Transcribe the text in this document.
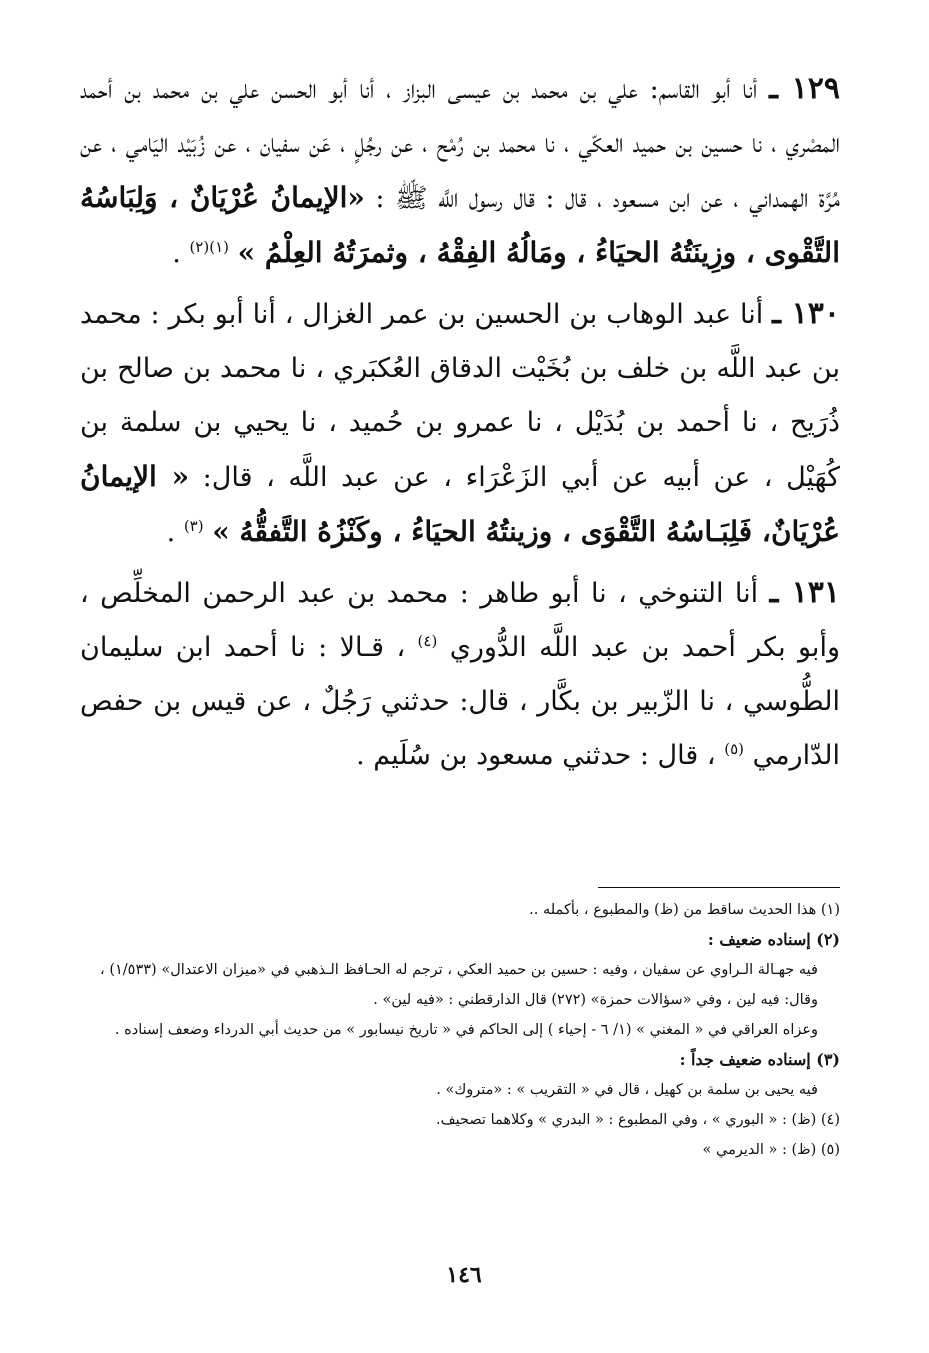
١٢٩ ـ أنا أبو القاسم: علي بن محمد بن عيسى البزاز ، أنا أبو الحسن علي بن محمد بن أحمد المصْري ، نا حسين بن حميد العكّي ، نا محمد بن رُمْح ، عن رجُلٍ ، عَن سفيان ، عن زُبَيْد اليَامي ، عن مُرَّة الهمداني ، عن ابن مسعود ، قال : قال رسول اللَّه ﷺ : «الإيمانُ عُرْيَانٌ ، وَلِبَاسُهُ التَّقْوى ، وزِينَتُهُ الحيَاءُ ، ومَالُهُ الفِقْهُ ، وثمرَتُهُ العِلْمُ » $^{(١)(٢)}$ .

١٣٠ ـ أنا عبد الوهاب بن الحسين بن عمر الغزال ، أنا أبو بكر : محمد بن عبد اللَّه بن خلف بن بُخَيْت الدقاق العُكبَري ، نا محمد بن صالح بن ذُرَيح ، نا أحمد بن بُدَيْل ، نا عمرو بن حُميد ، نا يحيي بن سلمة بن كُهَيْل ، عن أبيه عن أبي الزَعْرَاء ، عن عبد اللَّه ، قال: « الإيمانُ عُرْيَانٌ، فَلِبَـاسُهُ التَّقْوَى ، وزينتُهُ الحيَاءُ ، وكَنْزُهُ التَّفقُّهُ » $^{(٣)}$ .

١٣١ ـ أنا التنوخي ، نا أبو طاهر : محمد بن عبد الرحمن المخلِّص ، وأبو بكر أحمد بن عبد اللَّه الدُّوري $^{(٤)}$ ، قـالا : نا أحمد ابن سليمان الطُّوسي ، نا الزّبير بن بكَّار ، قال: حدثني رَجُلٌ ، عن قيس بن حفص الدّارمي $^{(٥)}$ ، قال : حدثني مسعود بن سُلَيم .

(١) هذا الحديث ساقط من (ظ) والمطبوع ، بأكمله ..

(٢) إسناده ضعيف :

فيه جهـالة الـراوي عن سفيان ، وفيه : حسين بن حميد العكي ، ترجم له الحـافظ الـذهبي في «ميزان الاعتدال» (١/٥٣٣) ، وقال: فيه لين ، وفي «سؤالات حمزة» (٢٧٢) قال الدارقطني : «فيه لين» .

وعزاه العراقي في « المغني » (١/ ٦ - إحياء ) إلى الحاكم في « تاريخ نيسابور » من حديث أبي الدرداء وضعف إسناده .

(٣) إسناده ضعيف جداً :

فيه يحيى بن سلمة بن كهيل ، قال في « التقريب » : «متروك» .

(٤) (ظ) : « البوري » ، وفي المطبوع : « البدري » وكلاهما تصحيف.

(٥) (ظ) : « الديرمي »

١٤٦
